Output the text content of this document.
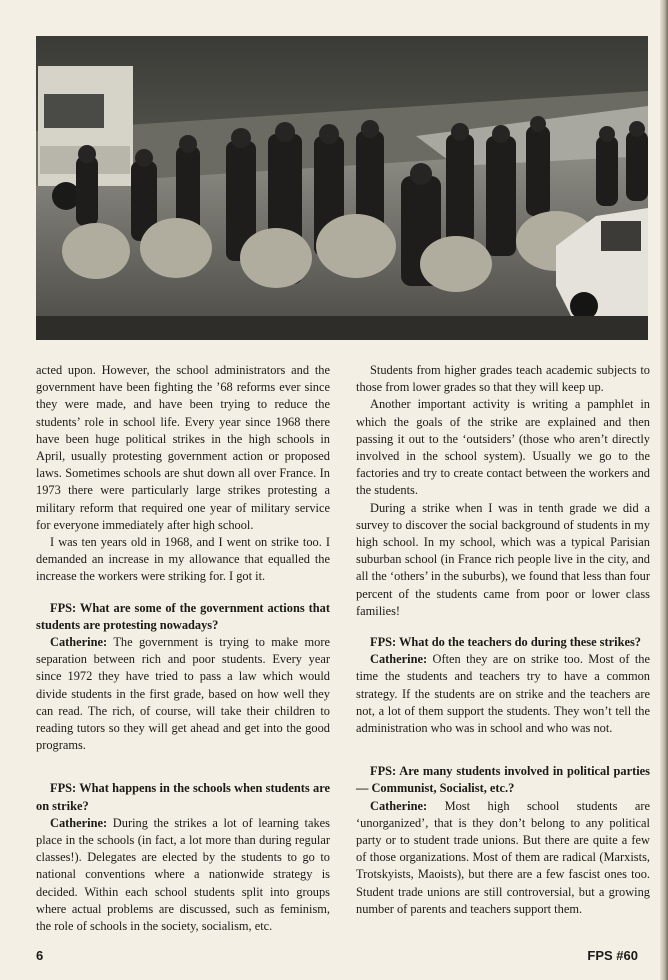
acted upon. However, the school administrators and the government have been fighting the ’68 reforms ever since they were made, and have been trying to reduce the students’ role in school life. Every year since 1968 there have been huge political strikes in the high schools in April, usually protesting government action or proposed laws. Sometimes schools are shut down all over France. In 1973 there were particularly large strikes protesting a military reform that required one year of military service for everyone immediately after high school.

I was ten years old in 1968, and I went on strike too. I demanded an increase in my allowance that equalled the increase the workers were striking for. I got it.

FPS: What are some of the government actions that students are protesting nowadays?

Catherine: The government is trying to make more separation between rich and poor students. Every year since 1972 they have tried to pass a law which would divide students in the first grade, based on how well they can read. The rich, of course, will take their children to reading tutors so they will get ahead and get into the good programs.

FPS: What happens in the schools when students are on strike?

Catherine: During the strikes a lot of learning takes place in the schools (in fact, a lot more than during regular classes!). Delegates are elected by the students to go to national conventions where a nationwide strategy is decided. Within each school students split into groups where actual problems are discussed, such as feminism, the role of schools in the society, socialism, etc.

Students from higher grades teach academic subjects to those from lower grades so that they will keep up.

Another important activity is writing a pamphlet in which the goals of the strike are explained and then passing it out to the ‘outsiders’ (those who aren’t directly involved in the school system). Usually we go to the factories and try to create contact between the workers and the students.

During a strike when I was in tenth grade we did a survey to discover the social background of students in my high school. In my school, which was a typical Parisian suburban school (in France rich people live in the city, and all the ‘others’ in the suburbs), we found that less than four percent of the students came from poor or lower class families!

FPS: What do the teachers do during these strikes?

Catherine: Often they are on strike too. Most of the time the students and teachers try to have a common strategy. If the students are on strike and the teachers are not, a lot of them support the students. They won’t tell the administration who was in school and who was not.

FPS: Are many students involved in political parties — Communist, Socialist, etc.?

Catherine: Most high school students are ‘unorganized’, that is they don’t belong to any political party or to student trade unions. But there are quite a few of those organizations. Most of them are radical (Marxists, Trotskyists, Maoists), but there are a few fascist ones too. Student trade unions are still controversial, but a growing number of parents and teachers support them.

6	FPS #60
